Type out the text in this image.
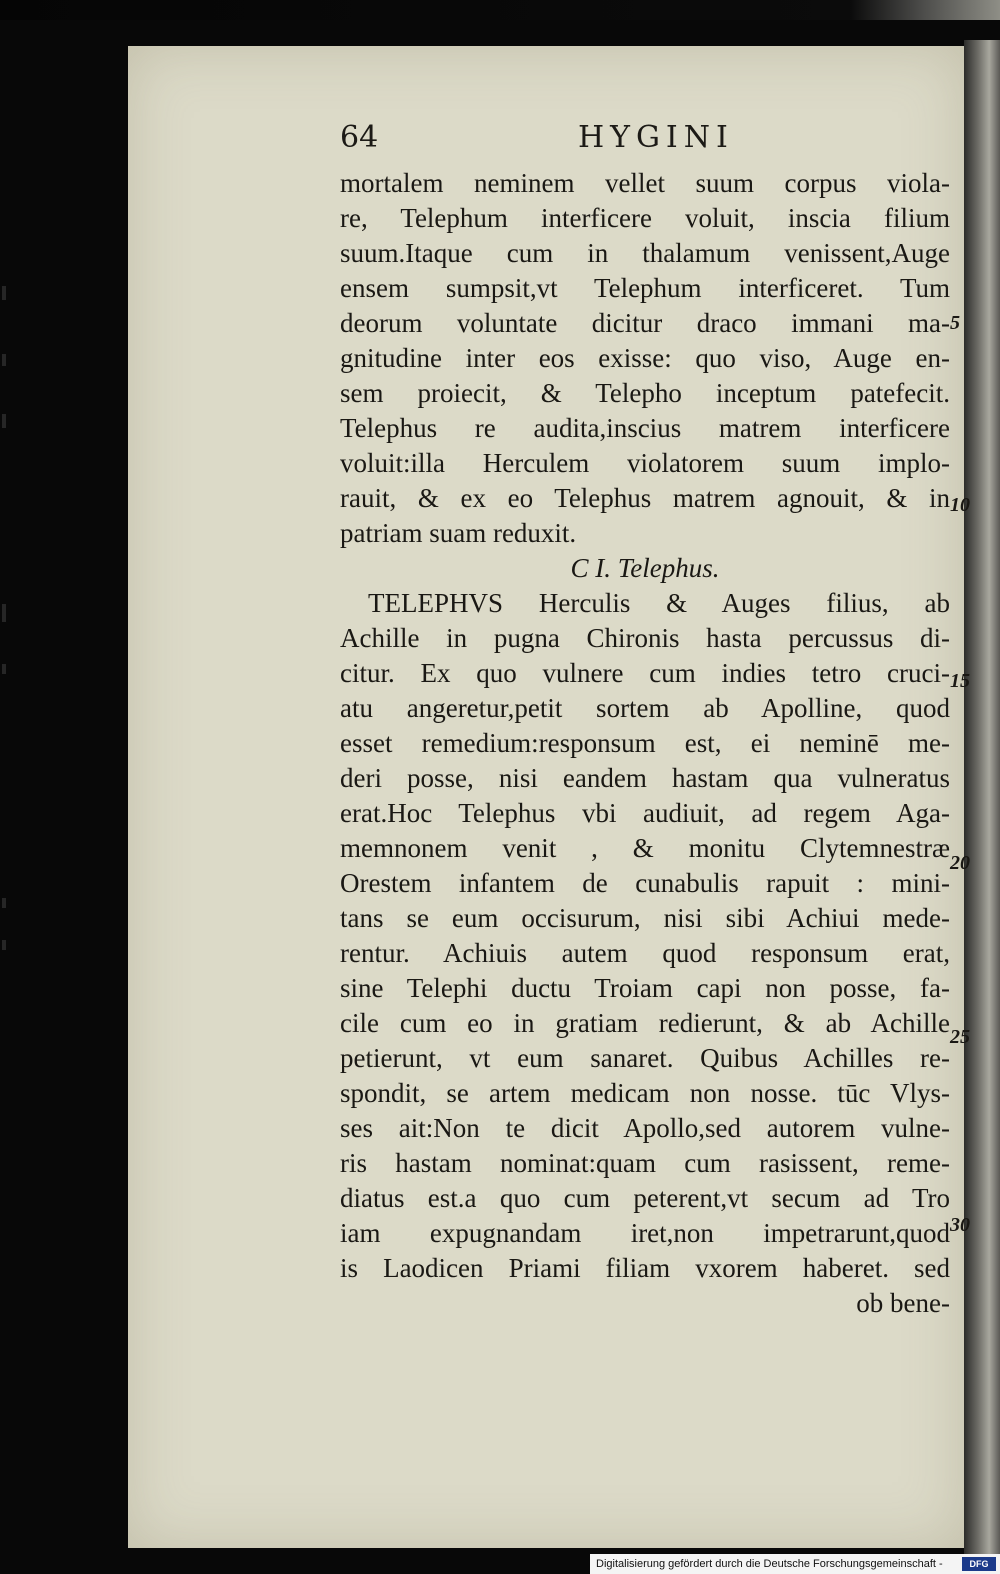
64	HYGINI
mortalem neminem vellet suum corpus viola-
re, Telephum interficere voluit, inscia filium
suum.Itaque cum in thalamum venissent,Auge
ensem sumpsit,vt Telephum interficeret. Tum
deorum voluntate dicitur draco immani ma-
gnitudine inter eos exisse: quo viso, Auge en-
sem proiecit, & Telepho inceptum patefecit.
Telephus re audita,inscius matrem interficere
voluit:illa Herculem violatorem suum implo-
rauit, & ex eo Telephus matrem agnouit, & in
patriam suam reduxit.
C I. Telephus.
TELEPHVS Herculis & Auges filius, ab
Achille in pugna Chironis hasta percussus di-
citur. Ex quo vulnere cum indies tetro cruci-
atu angeretur,petit sortem ab Apolline, quod
esset remedium:responsum est, ei neminē me-
deri posse, nisi eandem hastam qua vulneratus
erat.Hoc Telephus vbi audiuit, ad regem Aga-
memnonem venit , & monitu Clytemnestræ
Orestem infantem de cunabulis rapuit : mini-
tans se eum occisurum, nisi sibi Achiui mede-
rentur. Achiuis autem quod responsum erat,
sine Telephi ductu Troiam capi non posse, fa-
cile cum eo in gratiam redierunt, & ab Achille
petierunt, vt eum sanaret. Quibus Achilles re-
spondit, se artem medicam non nosse. tūc Vlys-
ses ait:Non te dicit Apollo,sed autorem vulne-
ris hastam nominat:quam cum rasissent, reme-
diatus est.a quo cum peterent,vt secum ad Tro
iam expugnandam iret,non impetrarunt,quod
is Laodicen Priami filiam vxorem haberet. sed
ob bene-
5
10
15
20
25
30
Digitalisierung gefördert durch die Deutsche Forschungsgemeinschaft -	DFG
